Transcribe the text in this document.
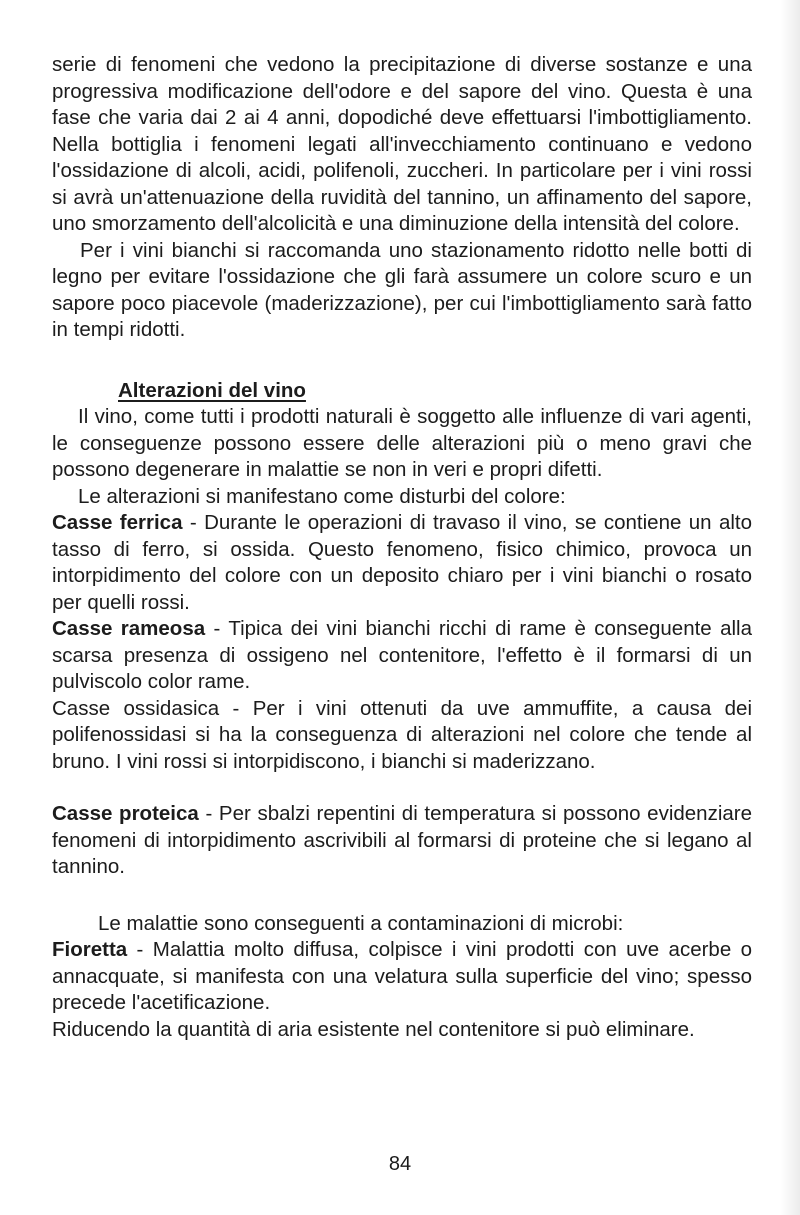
serie di fenomeni che vedono la precipitazione di diverse sostanze e una progressiva modificazione dell'odore e del sapore del vino. Questa è una fase che varia dai 2 ai 4 anni, dopodiché deve effettuarsi l'imbottigliamento. Nella bottiglia i fenomeni legati all'invecchiamento continuano e vedono l'ossidazione di alcoli, acidi, polifenoli, zuccheri. In particolare per i vini rossi si avrà un'attenuazione della ruvidità del tannino, un affinamento del sapore, uno smorzamento dell'alcolicità e una diminuzione della intensità del colore.

Per i vini bianchi si raccomanda uno stazionamento ridotto nelle botti di legno per evitare l'ossidazione che gli farà assumere un colore scuro e un sapore poco piacevole (maderizzazione), per cui l'imbottigliamento sarà fatto in tempi ridotti.

Alterazioni del vino

Il vino, come tutti i prodotti naturali è soggetto alle influenze di vari agenti, le conseguenze possono essere delle alterazioni più o meno gravi che possono degenerare in malattie se non in veri e propri difetti.

Le alterazioni si manifestano come disturbi del colore:

Casse ferrica - Durante le operazioni di travaso il vino, se contiene un alto tasso di ferro, si ossida. Questo fenomeno, fisico chimico, provoca un intorpidimento del colore con un deposito chiaro per i vini bianchi o rosato per quelli rossi.

Casse rameosa - Tipica dei vini bianchi ricchi di rame è conseguente alla scarsa presenza di ossigeno nel contenitore, l'effetto è il formarsi di un pulviscolo color rame.

Casse ossidasica - Per i vini ottenuti da uve ammuffite, a causa dei polifenossidasi si ha la conseguenza di alterazioni nel colore che tende al bruno. I vini rossi si intorpidiscono, i bianchi si maderizzano.

Casse proteica - Per sbalzi repentini di temperatura si possono evidenziare fenomeni di intorpidimento ascrivibili al formarsi di proteine che si legano al tannino.

Le malattie sono conseguenti a contaminazioni di microbi:

Fioretta - Malattia molto diffusa, colpisce i vini prodotti con uve acerbe o annacquate, si manifesta con una velatura sulla superficie del vino; spesso precede l'acetificazione.

Riducendo la quantità di aria esistente nel contenitore si può eliminare.

84
